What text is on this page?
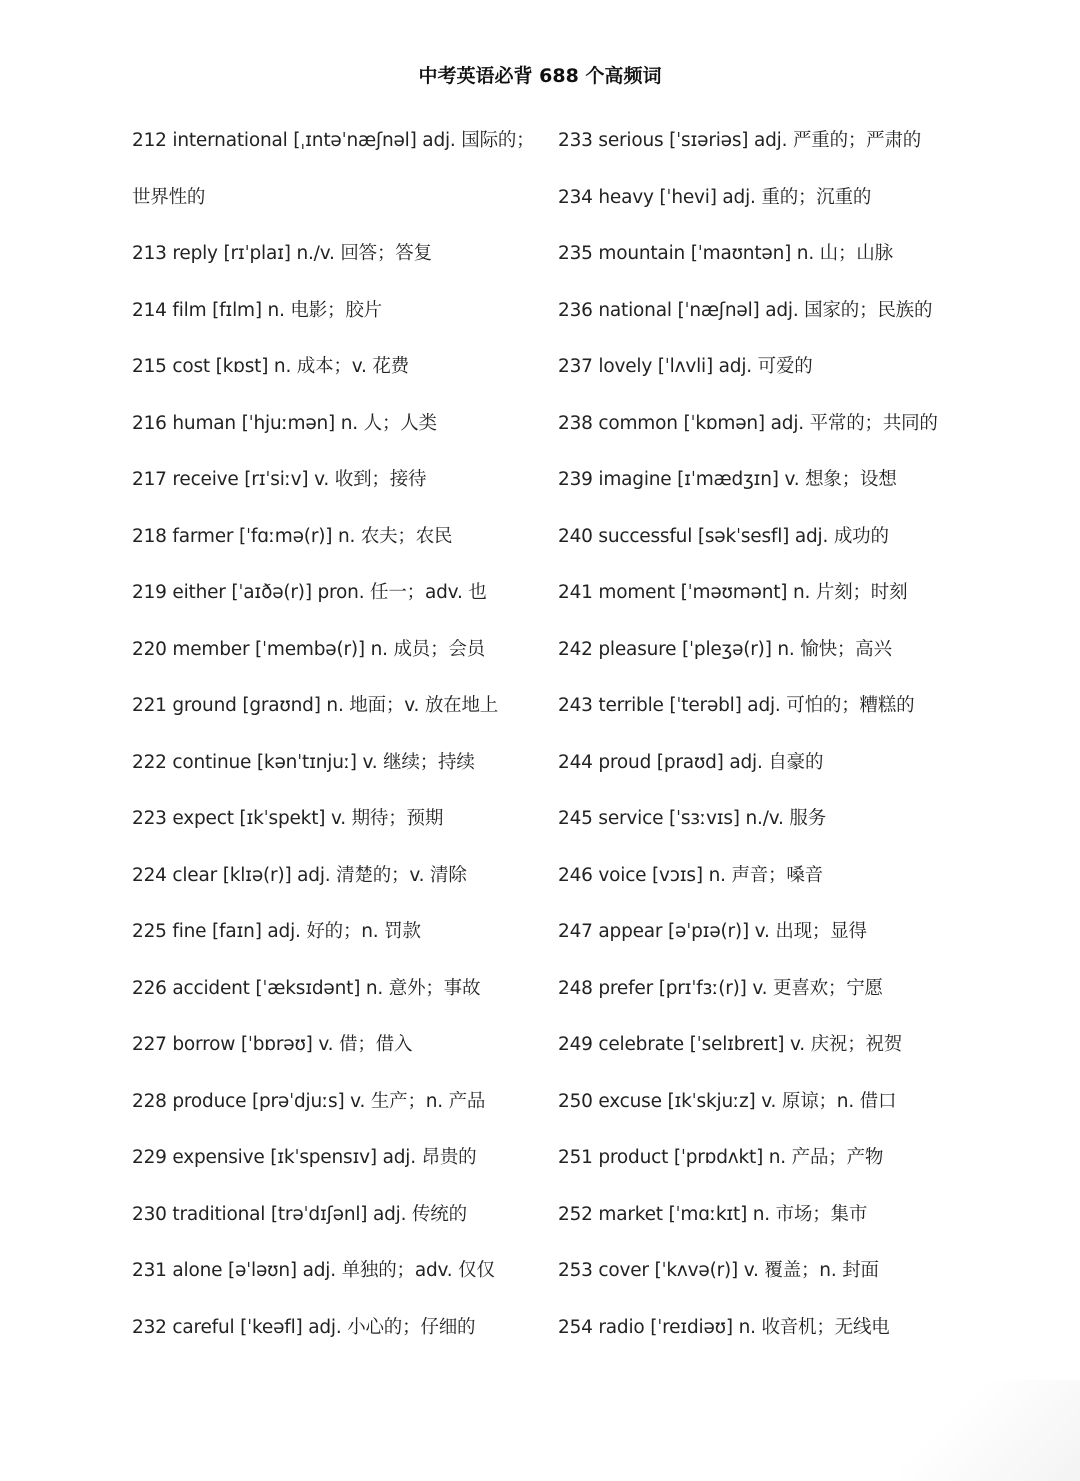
中考英语必背 688 个高频词
212 international [ˌɪntəˈnæʃnəl] adj. 国际的；
世界性的
213 reply [rɪˈplaɪ] n./v. 回答；答复
214 film [fɪlm] n. 电影；胶片
215 cost [kɒst] n. 成本；v. 花费
216 human [ˈhjuːmən] n. 人；人类
217 receive [rɪˈsiːv] v. 收到；接待
218 farmer [ˈfɑːmə(r)] n. 农夫；农民
219 either [ˈaɪðə(r)] pron. 任一；adv. 也
220 member [ˈmembə(r)] n. 成员；会员
221 ground [graʊnd] n. 地面；v. 放在地上
222 continue [kənˈtɪnjuː] v. 继续；持续
223 expect [ɪkˈspekt] v. 期待；预期
224 clear [klɪə(r)] adj. 清楚的；v. 清除
225 fine [faɪn] adj. 好的；n. 罚款
226 accident [ˈæksɪdənt] n. 意外；事故
227 borrow [ˈbɒrəʊ] v. 借；借入
228 produce [prəˈdjuːs] v. 生产；n. 产品
229 expensive [ɪkˈspensɪv] adj. 昂贵的
230 traditional [trəˈdɪʃənl] adj. 传统的
231 alone [əˈləʊn] adj. 单独的；adv. 仅仅
232 careful [ˈkeəfl] adj. 小心的；仔细的
233 serious [ˈsɪəriəs] adj. 严重的；严肃的
234 heavy [ˈhevi] adj. 重的；沉重的
235 mountain [ˈmaʊntən] n. 山；山脉
236 national [ˈnæʃnəl] adj. 国家的；民族的
237 lovely [ˈlʌvli] adj. 可爱的
238 common [ˈkɒmən] adj. 平常的；共同的
239 imagine [ɪˈmædʒɪn] v. 想象；设想
240 successful [səkˈsesfl] adj. 成功的
241 moment [ˈməʊmənt] n. 片刻；时刻
242 pleasure [ˈpleʒə(r)] n. 愉快；高兴
243 terrible [ˈterəbl] adj. 可怕的；糟糕的
244 proud [praʊd] adj. 自豪的
245 service [ˈsɜːvɪs] n./v. 服务
246 voice [vɔɪs] n. 声音；嗓音
247 appear [əˈpɪə(r)] v. 出现；显得
248 prefer [prɪˈfɜː(r)] v. 更喜欢；宁愿
249 celebrate [ˈselɪbreɪt] v. 庆祝；祝贺
250 excuse [ɪkˈskjuːz] v. 原谅；n. 借口
251 product [ˈprɒdʌkt] n. 产品；产物
252 market [ˈmɑːkɪt] n. 市场；集市
253 cover [ˈkʌvə(r)] v. 覆盖；n. 封面
254 radio [ˈreɪdiəʊ] n. 收音机；无线电
